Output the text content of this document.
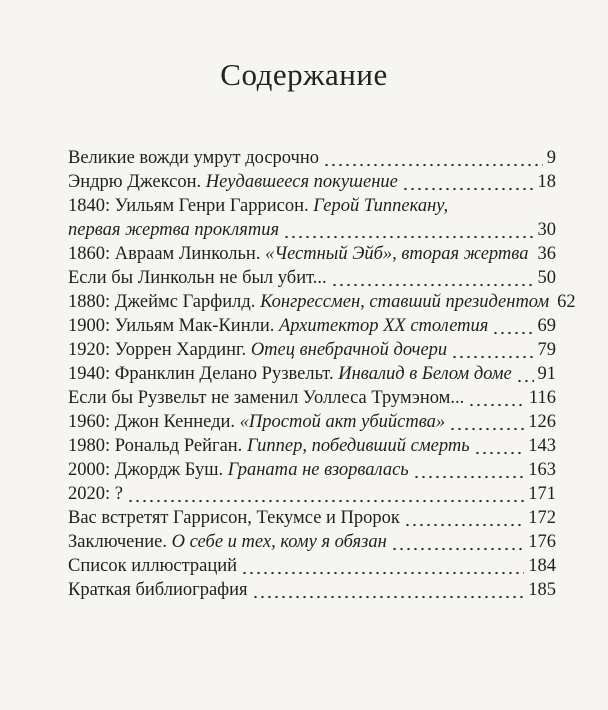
Содержание
Великие вожди умрут досрочно	9
Эндрю Джексон. Неудавшееся покушение	18
1840: Уильям Генри Гаррисон. Герой Типпекану,
первая жертва проклятия	30
1860: Авраам Линкольн. «Честный Эйб», вторая жертва 36
Если бы Линкольн не был убит...	50
1880: Джеймс Гарфилд. Конгрессмен, ставший президентом 62
1900: Уильям Мак-Кинли. Архитектор XX столетия	69
1920: Уоррен Хардинг. Отец внебрачной дочери	79
1940: Франклин Делано Рузвельт. Инвалид в Белом доме 91
Если бы Рузвельт не заменил Уоллеса Трумэном...	116
1960: Джон Кеннеди. «Простой акт убийства»	126
1980: Рональд Рейган. Гиппер, победивший смерть	143
2000: Джордж Буш. Граната не взорвалась	163
2020: ?	171
Вас встретят Гаррисон, Текумсе и Пророк	172
Заключение. О себе и тех, кому я обязан	176
Список иллюстраций	184
Краткая библиография	185
